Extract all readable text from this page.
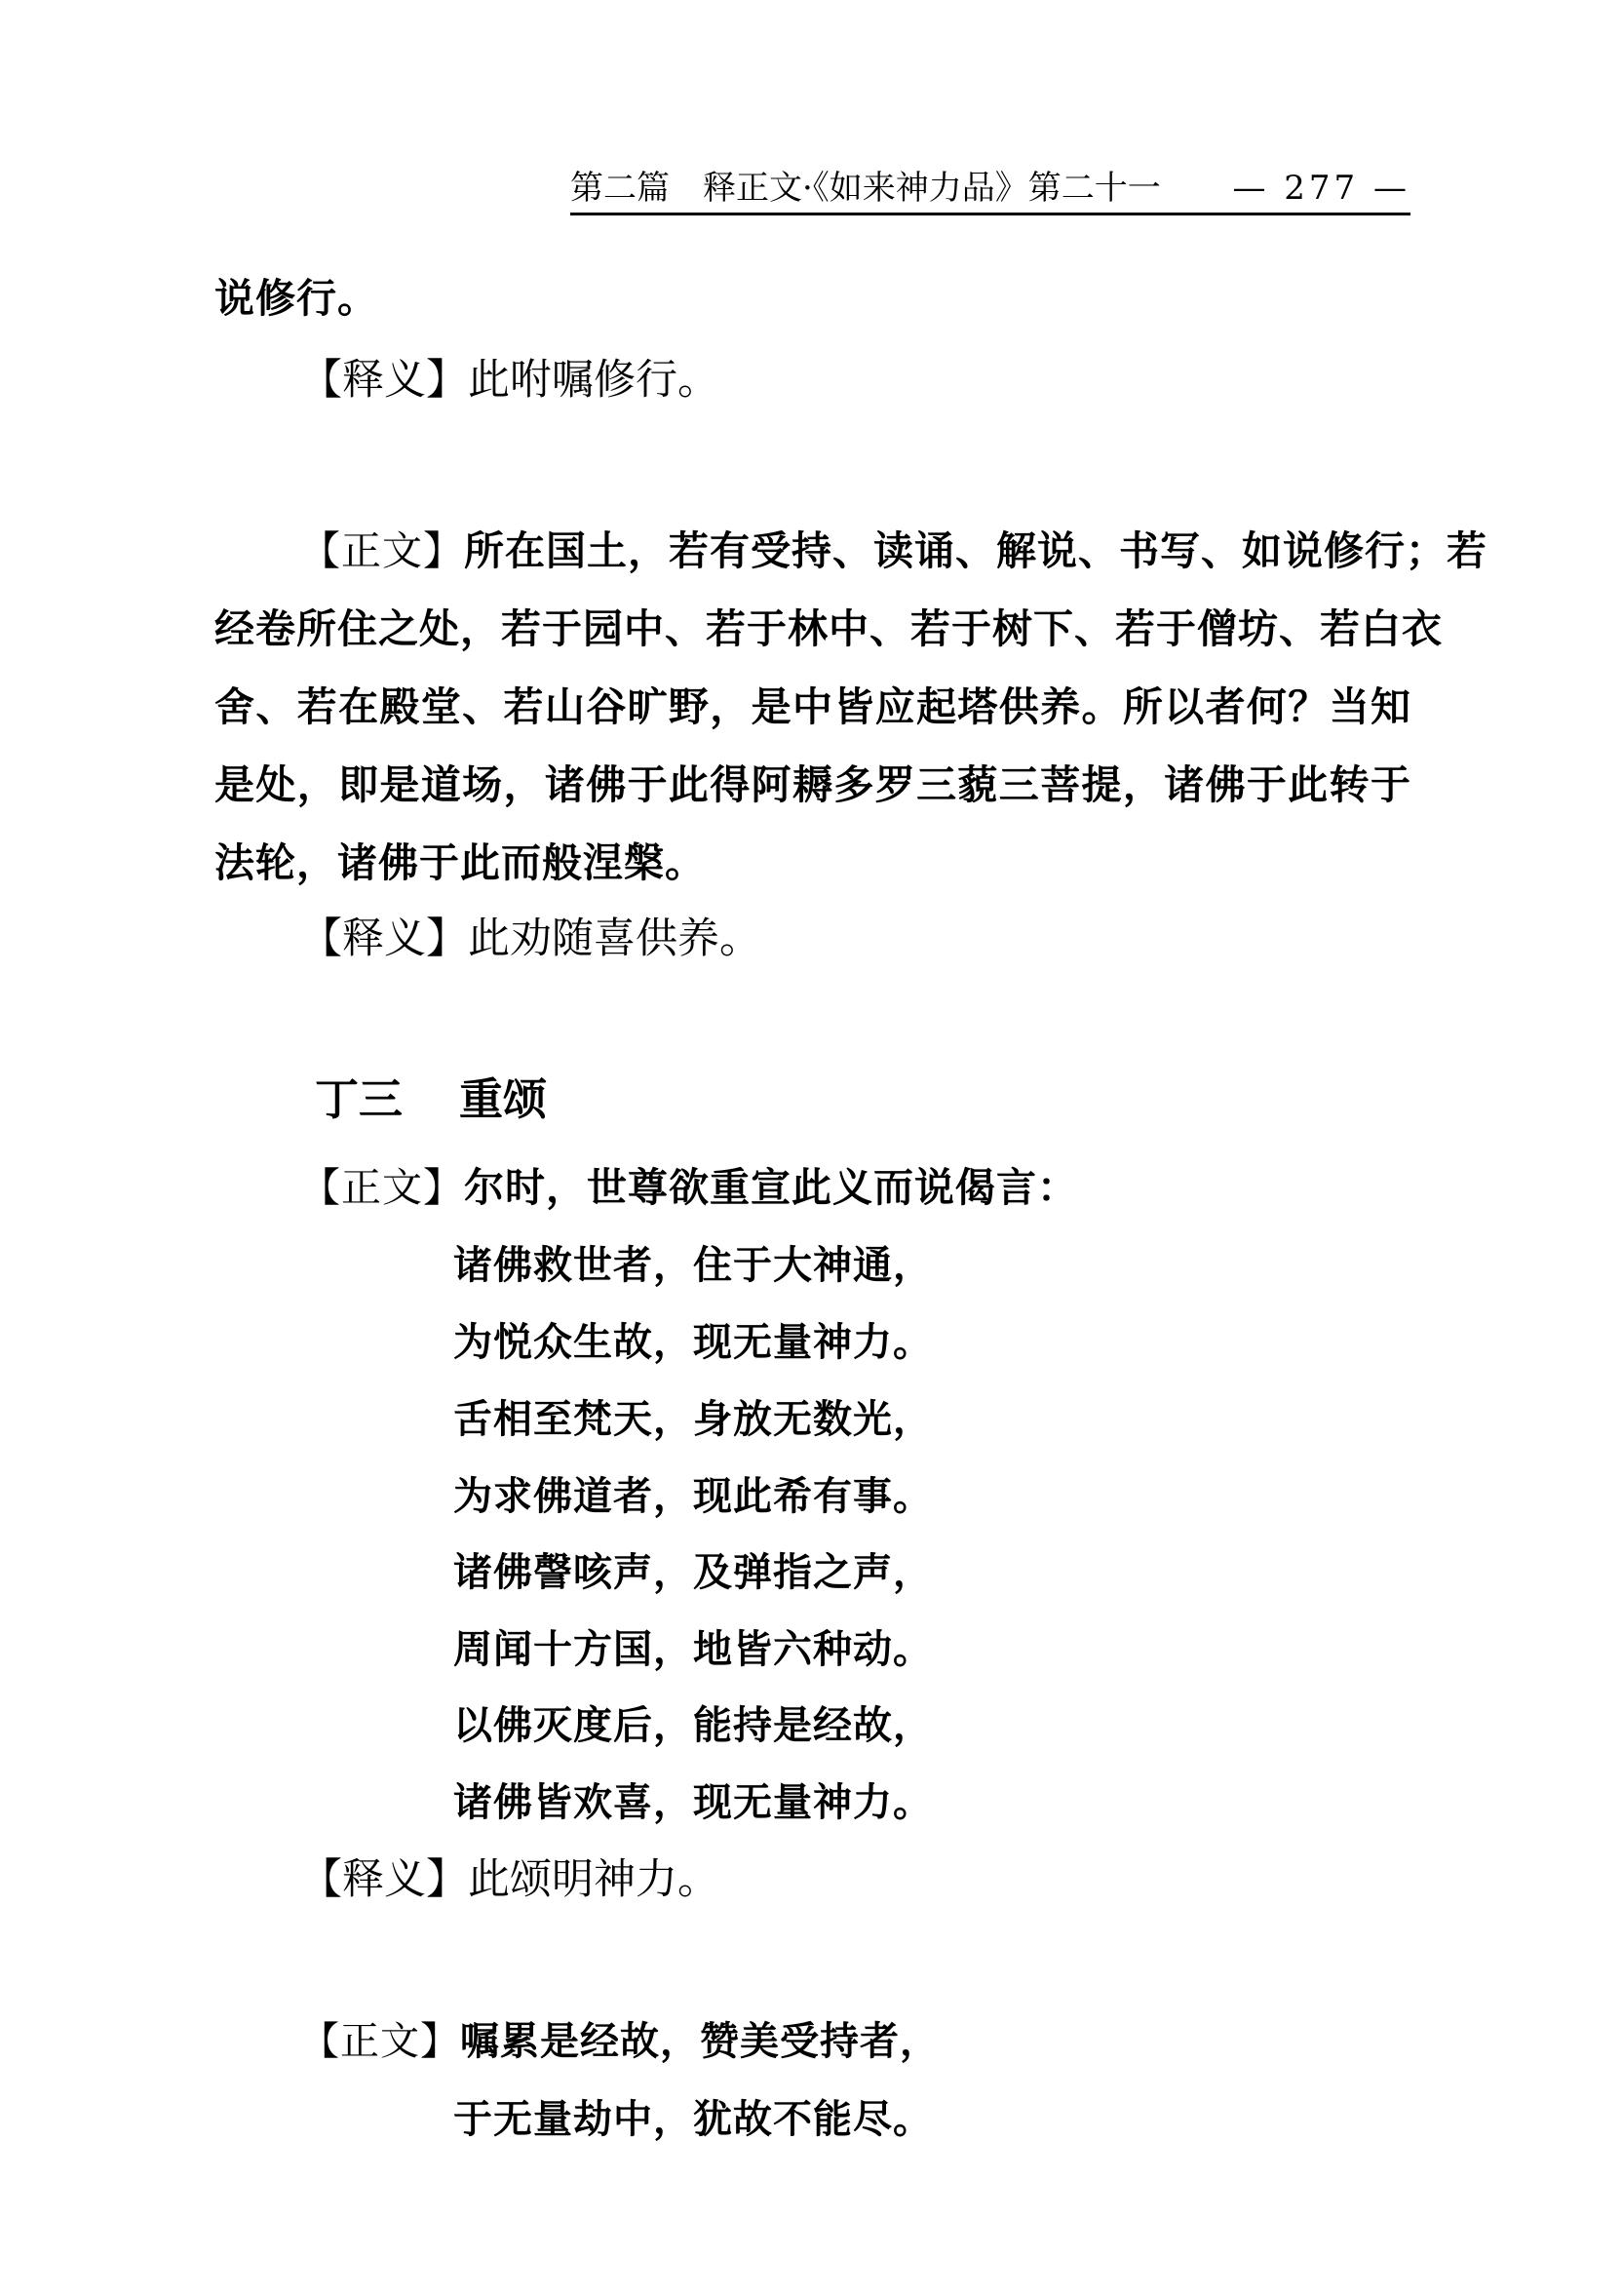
第二篇　释正文·《如来神力品》第二十一 — 277 —
说修行。
【释义】此咐嘱修行。
【正文】所在国土，若有受持、读诵、解说、书写、如说修行；若
经卷所住之处，若于园中、若于林中、若于树下、若于僧坊、若白衣
舍、若在殿堂、若山谷旷野，是中皆应起塔供养。所以者何？当知
是处，即是道场，诸佛于此得阿耨多罗三藐三菩提，诸佛于此转于
法轮，诸佛于此而般涅槃。
【释义】此劝随喜供养。
丁三 重颂
【正文】尔时，世尊欲重宣此义而说偈言：
诸佛救世者，住于大神通，
为悦众生故，现无量神力。
舌相至梵天，身放无数光，
为求佛道者，现此希有事。
诸佛謦咳声，及弹指之声，
周闻十方国，地皆六种动。
以佛灭度后，能持是经故，
诸佛皆欢喜，现无量神力。
【释义】此颂明神力。
【正文】嘱累是经故，赞美受持者，
于无量劫中，犹故不能尽。
